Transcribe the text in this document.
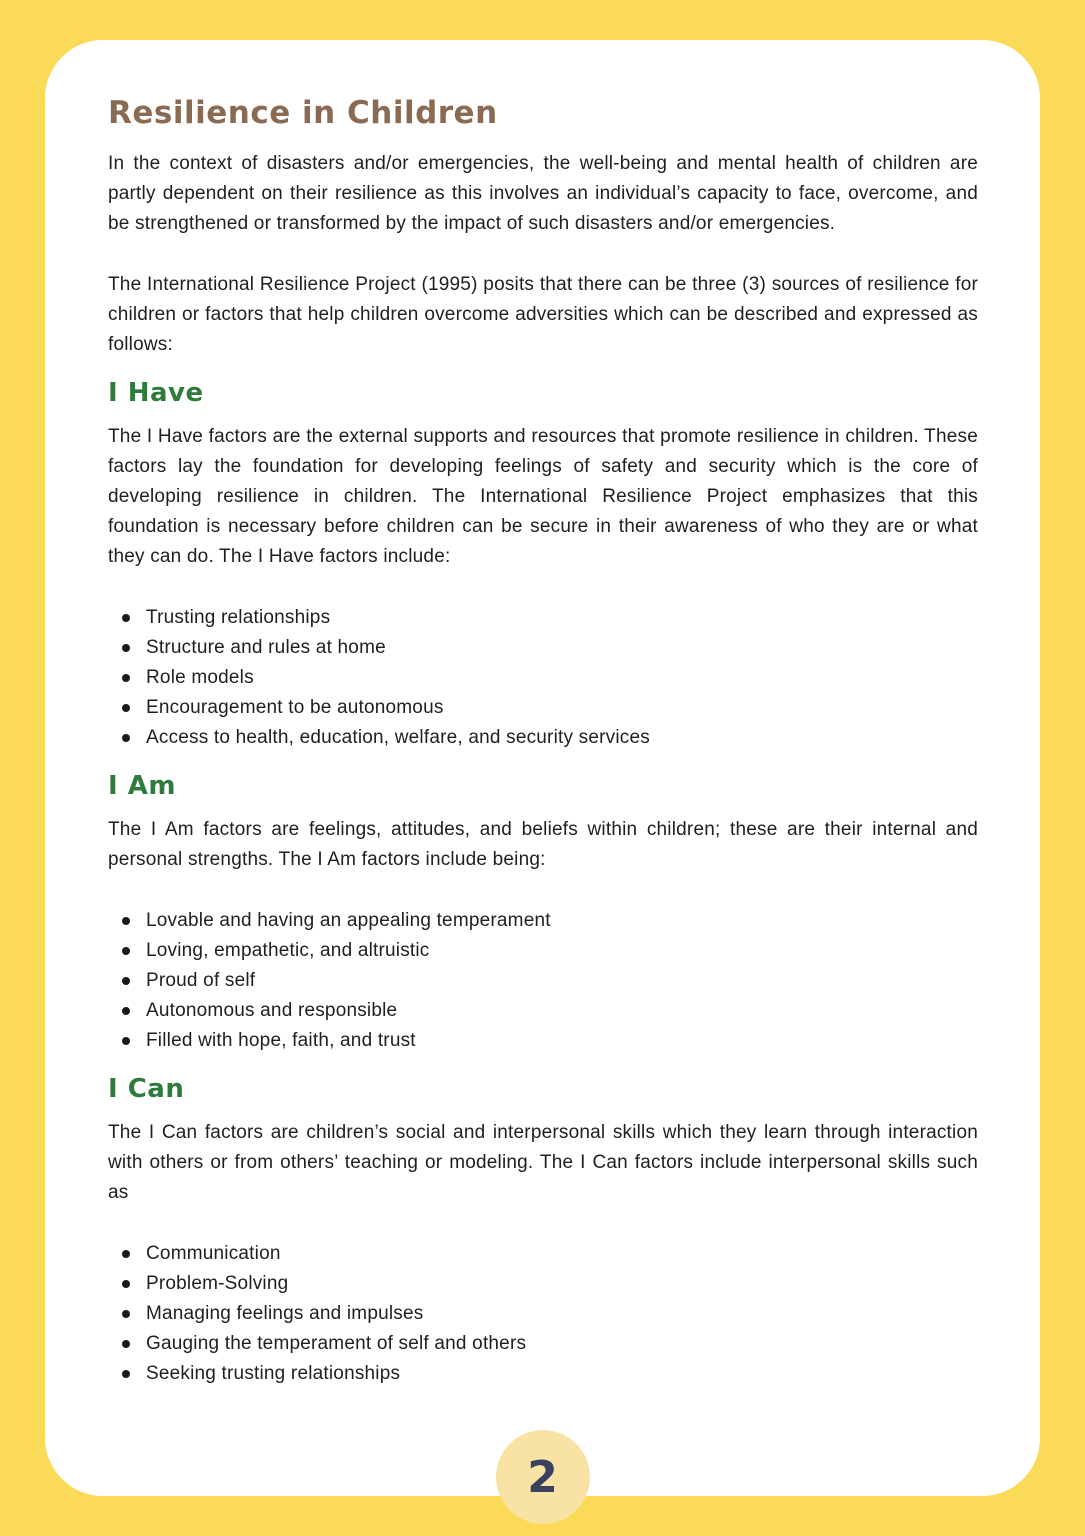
Resilience in Children

In the context of disasters and/or emergencies, the well-being and mental health of children are partly dependent on their resilience as this involves an individual’s capacity to face, overcome, and be strengthened or transformed by the impact of such disasters and/or emergencies.

The International Resilience Project (1995) posits that there can be three (3) sources of resilience for children or factors that help children overcome adversities which can be described and expressed as follows:

I Have

The I Have factors are the external supports and resources that promote resilience in children. These factors lay the foundation for developing feelings of safety and security which is the core of developing resilience in children. The International Resilience Project emphasizes that this foundation is necessary before children can be secure in their awareness of who they are or what they can do. The I Have factors include:

Trusting relationships
Structure and rules at home
Role models
Encouragement to be autonomous
Access to health, education, welfare, and security services
I Am

The I Am factors are feelings, attitudes, and beliefs within children; these are their internal and personal strengths. The I Am factors include being:

Lovable and having an appealing temperament
Loving, empathetic, and altruistic
Proud of self
Autonomous and responsible
Filled with hope, faith, and trust
I Can

The I Can factors are children’s social and interpersonal skills which they learn through interaction with others or from others’ teaching or modeling. The I Can factors include interpersonal skills such as

Communication
Problem-Solving
Managing feelings and impulses
Gauging the temperament of self and others
Seeking trusting relationships
2
